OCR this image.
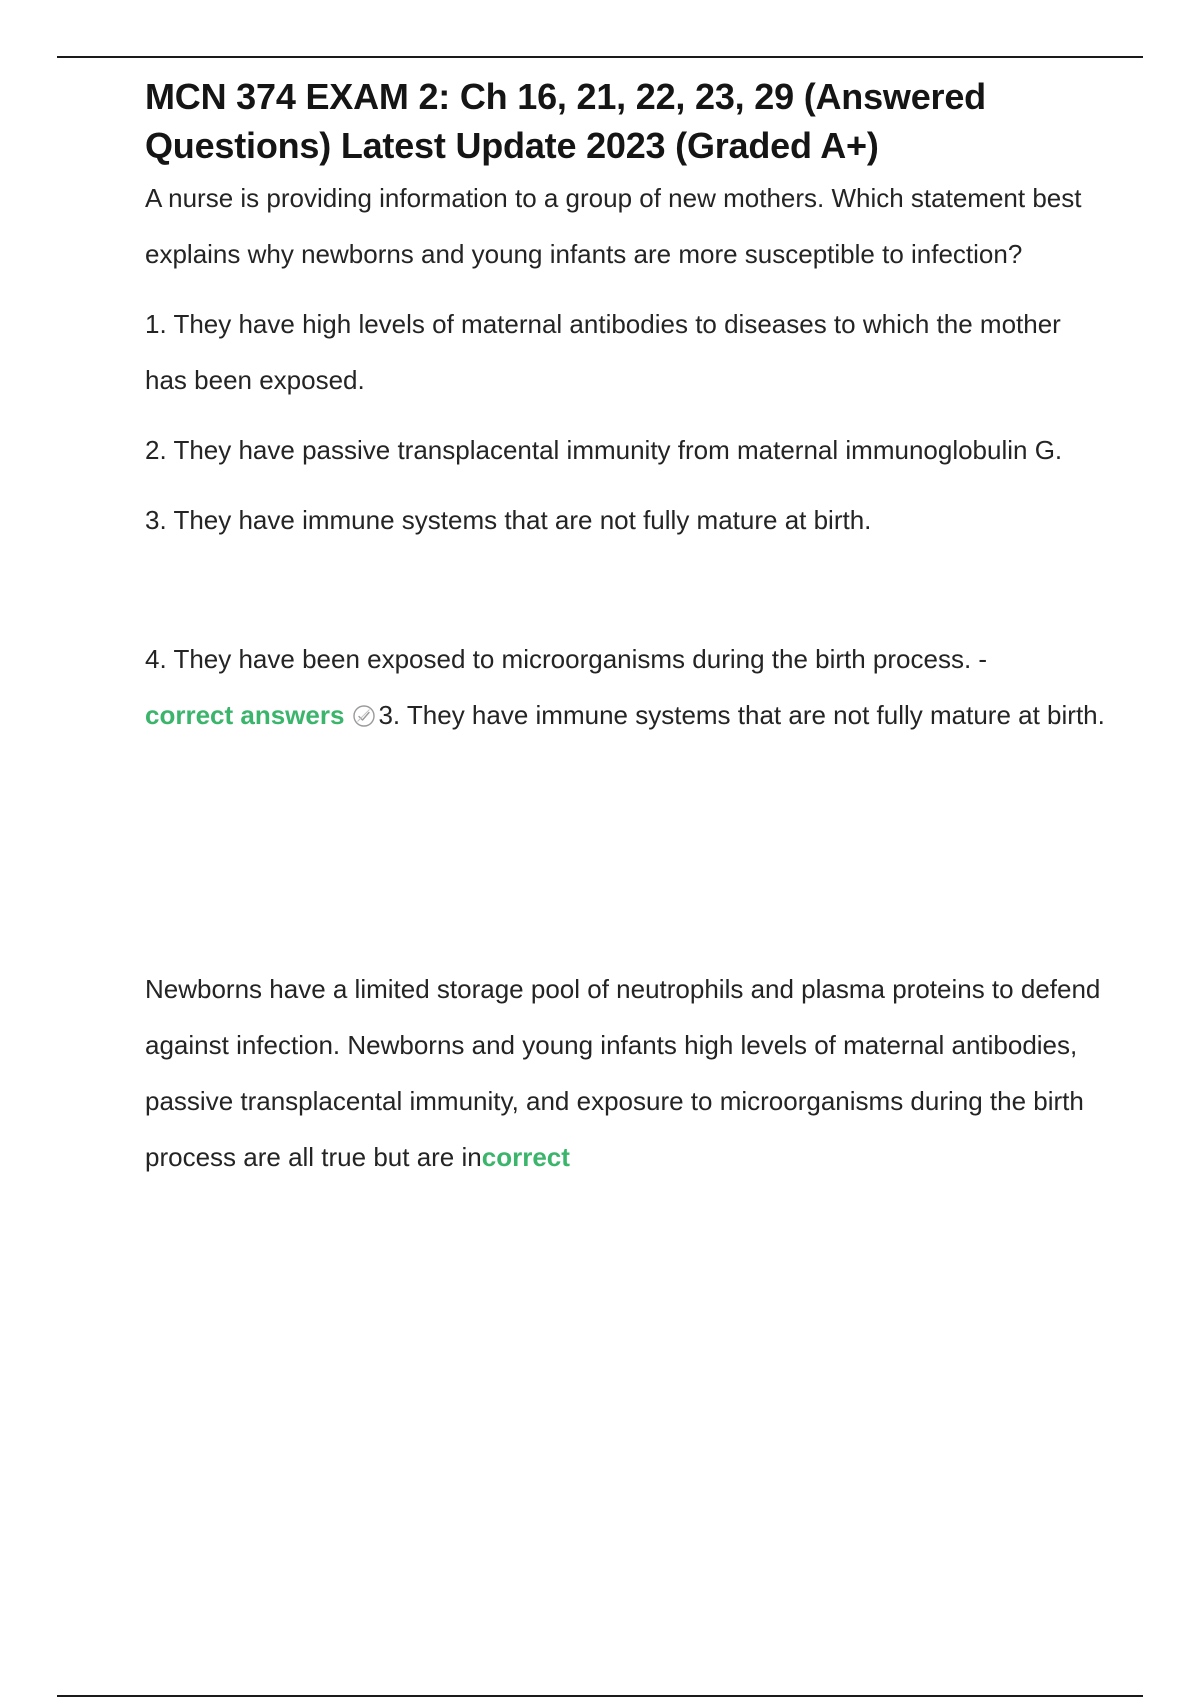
MCN 374 EXAM 2: Ch 16, 21, 22, 23, 29 (Answered Questions) Latest Update 2023 (Graded A+)

A nurse is providing information to a group of new mothers. Which statement best explains why newborns and young infants are more susceptible to infection?

1. They have high levels of maternal antibodies to diseases to which the mother has been exposed.

2. They have passive transplacental immunity from maternal immunoglobulin G.

3. They have immune systems that are not fully mature at birth.

4. They have been exposed to microorganisms during the birth process. -
correct answers 3. They have immune systems that are not fully mature at birth.

Newborns have a limited storage pool of neutrophils and plasma proteins to defend against infection. Newborns and young infants high levels of maternal antibodies, passive transplacental immunity, and exposure to microorganisms during the birth process are all true but are incorrect
